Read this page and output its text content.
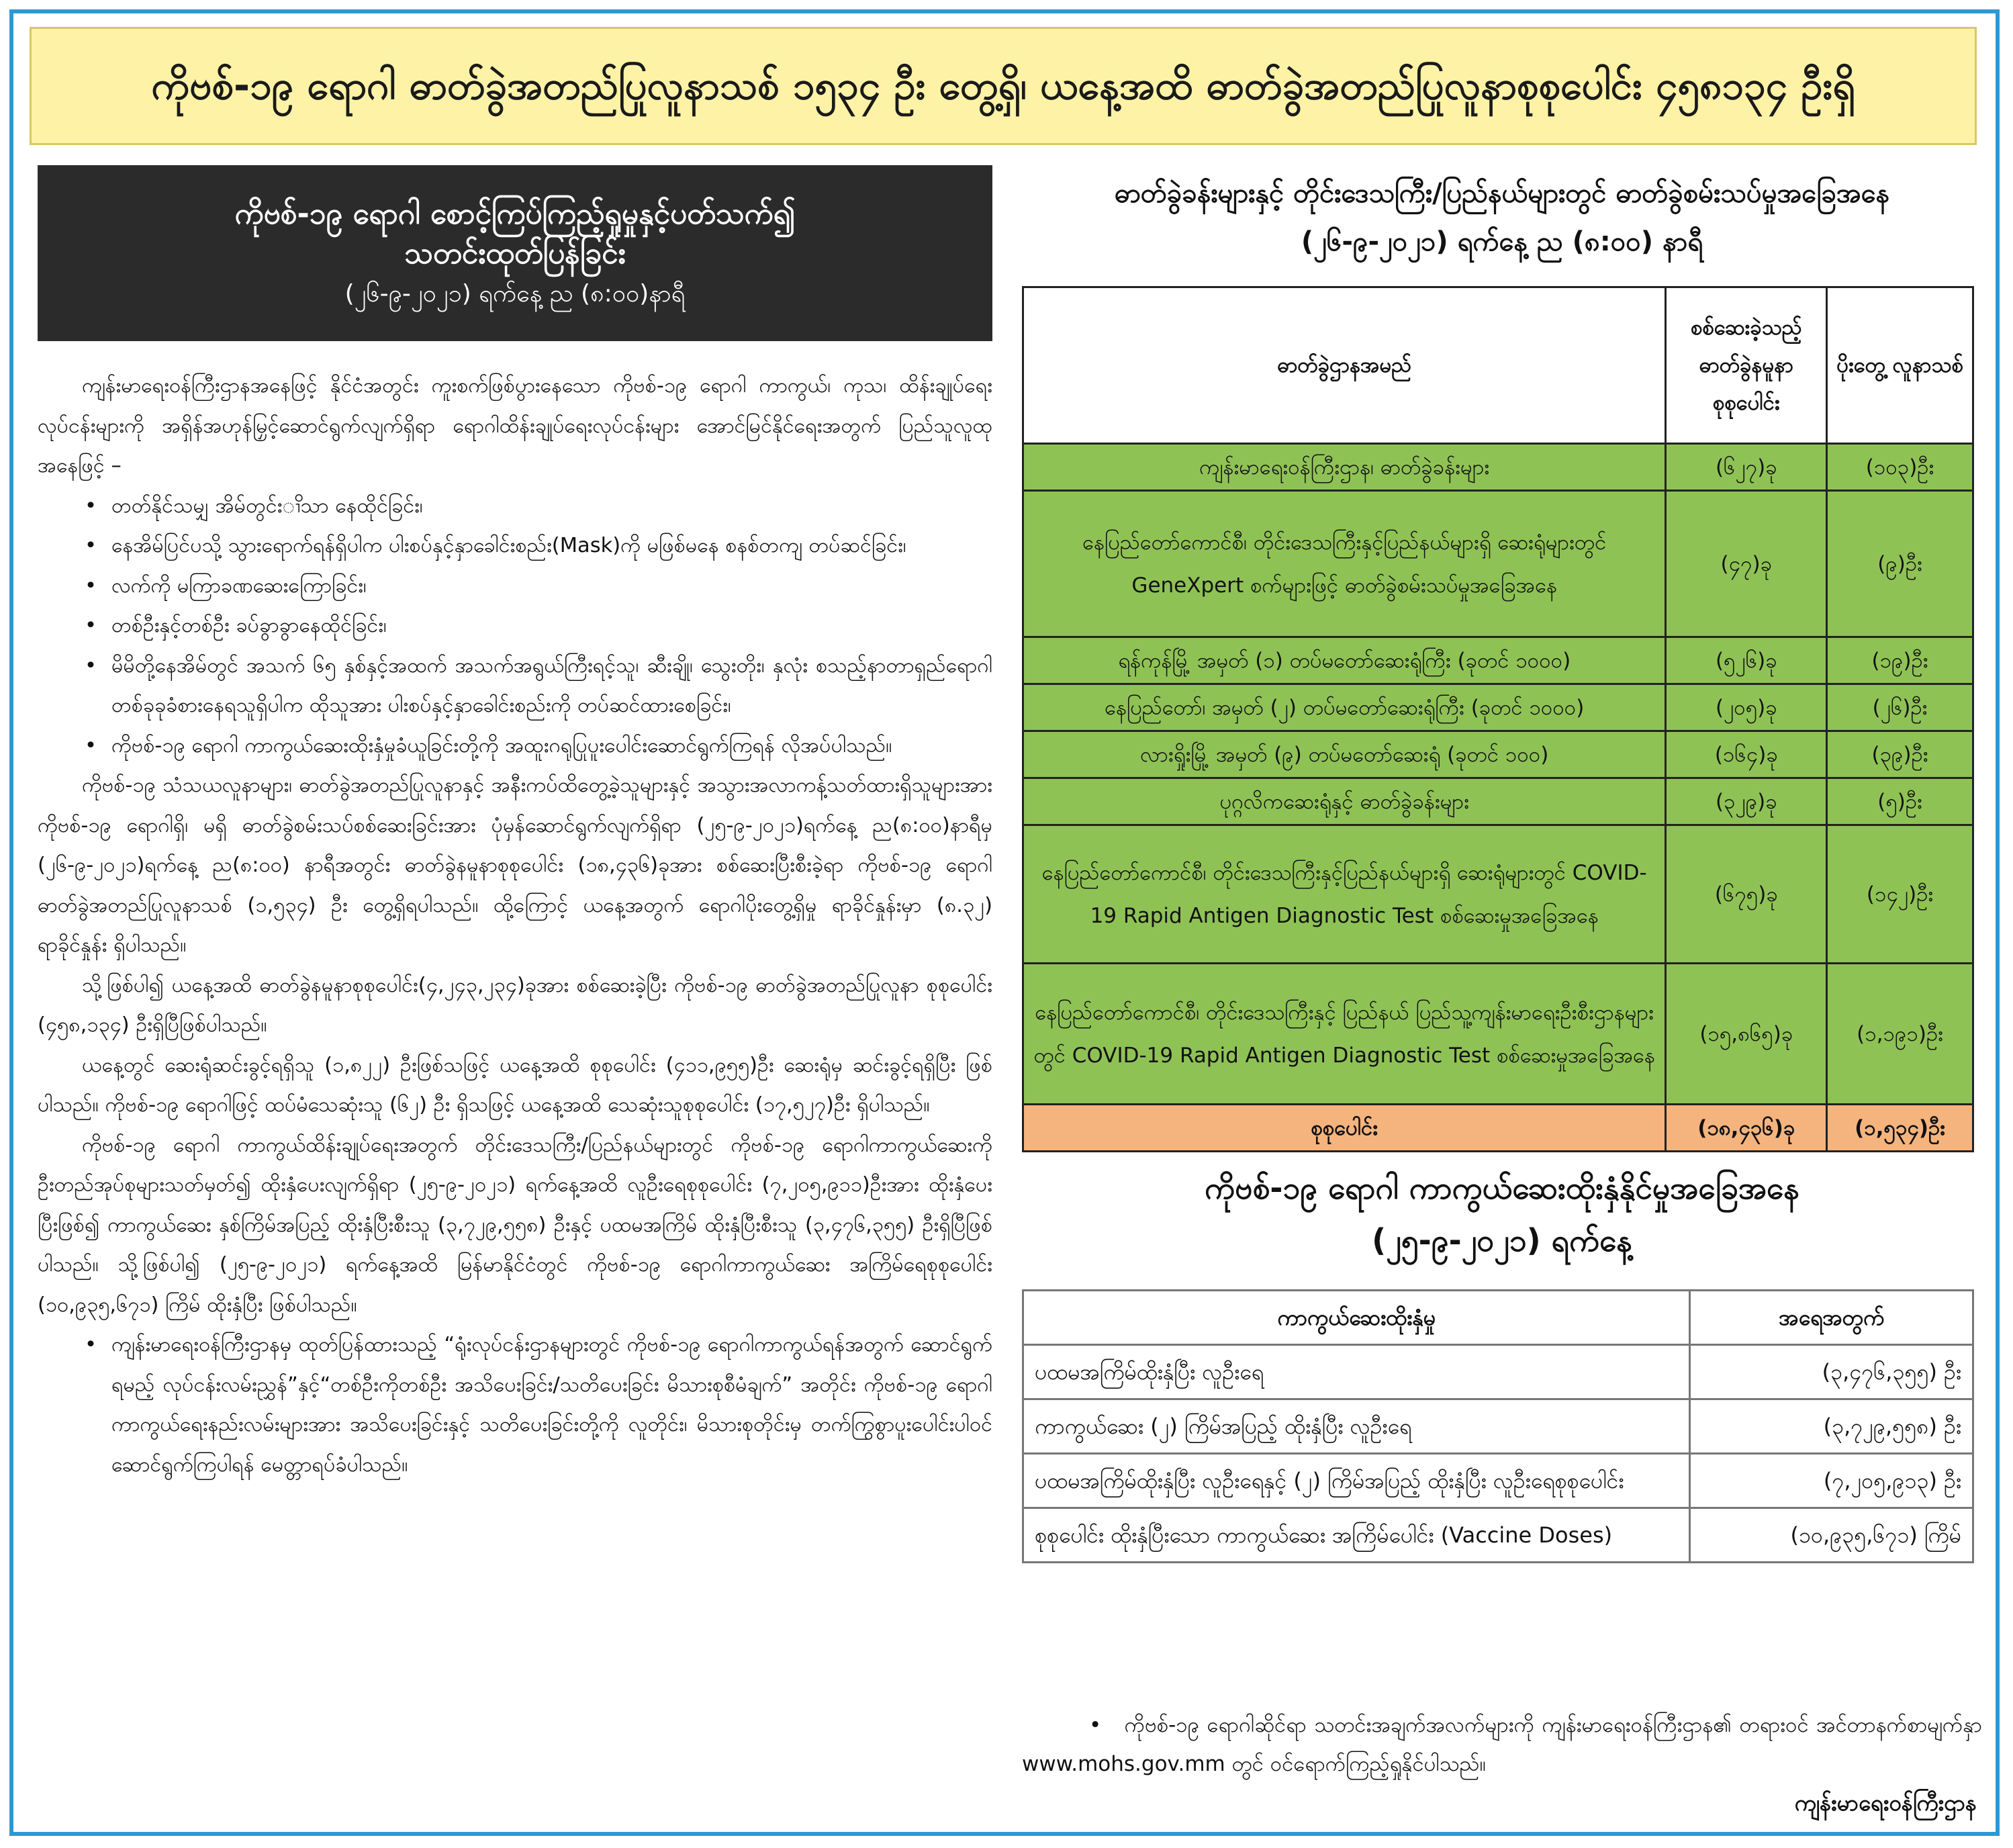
ကိုဗစ်-၁၉ ရောဂါ ဓာတ်ခွဲအတည်ပြုလူနာသစ် ၁၅၃၄ ဦး တွေ့ရှိ၊ ယနေ့အထိ ဓာတ်ခွဲအတည်ပြုလူနာစုစုပေါင်း ၄၅၈၁၃၄ ဦးရှိ
ကိုဗစ်-၁၉ ရောဂါ စောင့်ကြပ်ကြည့်ရှုမှုနှင့်ပတ်သက်၍
သတင်းထုတ်ပြန်ခြင်း
(၂၆-၉-၂၀၂၁) ရက်နေ့ ည (၈:၀၀)နာရီ

ကျန်းမာရေးဝန်ကြီးဌာနအနေဖြင့် နိုင်ငံအတွင်း ကူးစက်ဖြစ်ပွားနေသော ကိုဗစ်-၁၉ ရောဂါ ကာကွယ်၊ ကုသ၊ ထိန်းချုပ်ရေးလုပ်ငန်းများကို အရှိန်အဟုန်မြှင့်ဆောင်ရွက်လျက်ရှိရာ ရောဂါထိန်းချုပ်ရေးလုပ်ငန်းများ အောင်မြင်နိုင်ရေးအတွက် ပြည်သူလူထုအနေဖြင့် –

• တတ်နိုင်သမျှ အိမ်တွင်းၢိသာ နေထိုင်ခြင်း၊
• နေအိမ်ပြင်ပသို့ သွားရောက်ရန်ရှိပါက ပါးစပ်နှင့်နှာခေါင်းစည်း(Mask)ကို မဖြစ်မနေ စနစ်တကျ တပ်ဆင်ခြင်း၊
• လက်ကို မကြာခဏဆေးကြောခြင်း၊
• တစ်ဦးနှင့်တစ်ဦး ခပ်ခွာခွာနေထိုင်ခြင်း၊
• မိမိတို့နေအိမ်တွင် အသက် ၆၅ နှစ်နှင့်အထက် အသက်အရွယ်ကြီးရင့်သူ၊ ဆီးချို၊ သွေးတိုး၊ နှလုံး စသည့်နာတာရှည်ရောဂါတစ်ခုခုခံစားနေရသူရှိပါက ထိုသူအား ပါးစပ်နှင့်နှာခေါင်းစည်းကို တပ်ဆင်ထားစေခြင်း၊
• ကိုဗစ်-၁၉ ရောဂါ ကာကွယ်ဆေးထိုးနှံမှုခံယူခြင်းတို့ကို အထူးဂရုပြုပူးပေါင်းဆောင်ရွက်ကြရန် လိုအပ်ပါသည်။

ကိုဗစ်-၁၉ သံသယလူနာများ၊ ဓာတ်ခွဲအတည်ပြုလူနာနှင့် အနီးကပ်ထိတွေ့ခဲ့သူများနှင့် အသွားအလာကန့်သတ်ထားရှိသူများအား ကိုဗစ်-၁၉ ရောဂါရှိ၊ မရှိ ဓာတ်ခွဲစမ်းသပ်စစ်ဆေးခြင်းအား ပုံမှန်ဆောင်ရွက်လျက်ရှိရာ (၂၅-၉-၂၀၂၁)ရက်နေ့ ည(၈:၀၀)နာရီမှ (၂၆-၉-၂၀၂၁)ရက်နေ့ ည(၈:၀၀) နာရီအတွင်း ဓာတ်ခွဲနမူနာစုစုပေါင်း (၁၈,၄၃၆)ခုအား စစ်ဆေးပြီးစီးခဲ့ရာ ကိုဗစ်-၁၉ ရောဂါ ဓာတ်ခွဲအတည်ပြုလူနာသစ် (၁,၅၃၄) ဦး တွေ့ရှိရပါသည်။ ထို့ကြောင့် ယနေ့အတွက် ရောဂါပိုးတွေ့ရှိမှု ရာခိုင်နှုန်းမှာ (၈.၃၂) ရာခိုင်နှုန်း ရှိပါသည်။

သို့ဖြစ်ပါ၍ ယနေ့အထိ ဓာတ်ခွဲနမူနာစုစုပေါင်း(၄,၂၄၃,၂၃၄)ခုအား စစ်ဆေးခဲ့ပြီး ကိုဗစ်-၁၉ ဓာတ်ခွဲအတည်ပြုလူနာ စုစုပေါင်း (၄၅၈,၁၃၄) ဦးရှိပြီဖြစ်ပါသည်။

ယနေ့တွင် ဆေးရုံဆင်းခွင့်ရရှိသူ (၁,၈၂၂) ဦးဖြစ်သဖြင့် ယနေ့အထိ စုစုပေါင်း (၄၁၁,၉၅၅)ဦး ဆေးရုံမှ ဆင်းခွင့်ရရှိပြီး ဖြစ်ပါသည်။ ကိုဗစ်-၁၉ ရောဂါဖြင့် ထပ်မံသေဆုံးသူ (၆၂) ဦး ရှိသဖြင့် ယနေ့အထိ သေဆုံးသူစုစုပေါင်း (၁၇,၅၂၇)ဦး ရှိပါသည်။

ကိုဗစ်-၁၉ ရောဂါ ကာကွယ်ထိန်းချုပ်ရေးအတွက် တိုင်းဒေသကြီး/ပြည်နယ်များတွင် ကိုဗစ်-၁၉ ရောဂါကာကွယ်ဆေးကို ဦးတည်အုပ်စုများသတ်မှတ်၍ ထိုးနှံပေးလျက်ရှိရာ (၂၅-၉-၂၀၂၁) ရက်နေ့အထိ လူဦးရေစုစုပေါင်း (၇,၂၀၅,၉၁၁)ဦးအား ထိုးနှံပေးပြီးဖြစ်၍ ကာကွယ်ဆေး နှစ်ကြိမ်အပြည့် ထိုးနှံပြီးစီးသူ (၃,၇၂၉,၅၅၈) ဦးနှင့် ပထမအကြိမ် ထိုးနှံပြီးစီးသူ (၃,၄၇၆,၃၅၅) ဦးရှိပြီဖြစ်ပါသည်။ သို့ဖြစ်ပါ၍ (၂၅-၉-၂၀၂၁) ရက်နေ့အထိ မြန်မာနိုင်ငံတွင် ကိုဗစ်-၁၉ ရောဂါကာကွယ်ဆေး အကြိမ်ရေစုစုပေါင်း (၁၀,၉၃၅,၆၇၁) ကြိမ် ထိုးနှံပြီး ဖြစ်ပါသည်။

• ကျန်းမာရေးဝန်ကြီးဌာနမှ ထုတ်ပြန်ထားသည့် “ရုံးလုပ်ငန်းဌာနများတွင် ကိုဗစ်-၁၉ ရောဂါကာကွယ်ရန်အတွက် ဆောင်ရွက်ရမည့် လုပ်ငန်းလမ်းညွှန်”နှင့်“တစ်ဦးကိုတစ်ဦး အသိပေးခြင်း/သတိပေးခြင်း မိသားစုစီမံချက်” အတိုင်း ကိုဗစ်-၁၉ ရောဂါ ကာကွယ်ရေးနည်းလမ်းများအား အသိပေးခြင်းနှင့် သတိပေးခြင်းတို့ကို လူတိုင်း၊ မိသားစုတိုင်းမှ တက်ကြွစွာပူးပေါင်းပါဝင်ဆောင်ရွက်ကြပါရန် မေတ္တာရပ်ခံပါသည်။

ဓာတ်ခွဲခန်းများနှင့် တိုင်းဒေသကြီး/ပြည်နယ်များတွင် ဓာတ်ခွဲစမ်းသပ်မှုအခြေအနေ
(၂၆-၉-၂၀၂၁) ရက်နေ့ ည (၈:၀၀) နာရီ
ဓာတ်ခွဲဌာနအမည်	စစ်ဆေးခဲ့သည့် ဓာတ်ခွဲနမူနာ စုစုပေါင်း	ပိုးတွေ့ လူနာသစ်
ကျန်းမာရေးဝန်ကြီးဌာန၊ ဓာတ်ခွဲခန်းများ	(၆၂၇)ခု	(၁၀၃)ဦး
နေပြည်တော်ကောင်စီ၊ တိုင်းဒေသကြီးနှင့်ပြည်နယ်များရှိ ဆေးရုံများတွင် GeneXpert စက်များဖြင့် ဓာတ်ခွဲစမ်းသပ်မှုအခြေအနေ	(၄၇)ခု	(၉)ဦး
ရန်ကုန်မြို့ အမှတ် (၁) တပ်မတော်ဆေးရုံကြီး (ခုတင် ၁၀၀၀)	(၅၂၆)ခု	(၁၉)ဦး
နေပြည်တော်၊ အမှတ် (၂) တပ်မတော်ဆေးရုံကြီး (ခုတင် ၁၀၀၀)	(၂၀၅)ခု	(၂၆)ဦး
လားရှိုးမြို့ အမှတ် (၉) တပ်မတော်ဆေးရုံ (ခုတင် ၁၀၀)	(၁၆၄)ခု	(၃၉)ဦး
ပုဂ္ဂလိကဆေးရုံနှင့် ဓာတ်ခွဲခန်းများ	(၃၂၉)ခု	(၅)ဦး
နေပြည်တော်ကောင်စီ၊ တိုင်းဒေသကြီးနှင့်ပြည်နယ်များရှိ ဆေးရုံများတွင် COVID-19 Rapid Antigen Diagnostic Test စစ်ဆေးမှုအခြေအနေ	(၆၇၅)ခု	(၁၄၂)ဦး
နေပြည်တော်ကောင်စီ၊ တိုင်းဒေသကြီးနှင့် ပြည်နယ် ပြည်သူ့ကျန်းမာရေးဦးစီးဌာနများတွင် COVID-19 Rapid Antigen Diagnostic Test စစ်ဆေးမှုအခြေအနေ	(၁၅,၈၆၅)ခု	(၁,၁၉၁)ဦး
စုစုပေါင်း	(၁၈,၄၃၆)ခု	(၁,၅၃၄)ဦး
ကိုဗစ်-၁၉ ရောဂါ ကာကွယ်ဆေးထိုးနှံနိုင်မှုအခြေအနေ
(၂၅-၉-၂၀၂၁) ရက်နေ့
ကာကွယ်ဆေးထိုးနှံမှု	အရေအတွက်
ပထမအကြိမ်ထိုးနှံပြီး လူဦးရေ	(၃,၄၇၆,၃၅၅) ဦး
ကာကွယ်ဆေး (၂) ကြိမ်အပြည့် ထိုးနှံပြီး လူဦးရေ	(၃,၇၂၉,၅၅၈) ဦး
ပထမအကြိမ်ထိုးနှံပြီး လူဦးရေနှင့် (၂) ကြိမ်အပြည့် ထိုးနှံပြီး လူဦးရေစုစုပေါင်း	(၇,၂၀၅,၉၁၃) ဦး
စုစုပေါင်း ထိုးနှံပြီးသော ကာကွယ်ဆေး အကြိမ်ပေါင်း (Vaccine Doses)	(၁၀,၉၃၅,၆၇၁) ကြိမ်
•   ကိုဗစ်-၁၉ ရောဂါဆိုင်ရာ သတင်းအချက်အလက်များကို ကျန်းမာရေးဝန်ကြီးဌာန၏ တရားဝင် အင်တာနက်စာမျက်နှာ www.mohs.gov.mm တွင် ဝင်ရောက်ကြည့်ရှုနိုင်ပါသည်။
ကျန်းမာရေးဝန်ကြီးဌာန
